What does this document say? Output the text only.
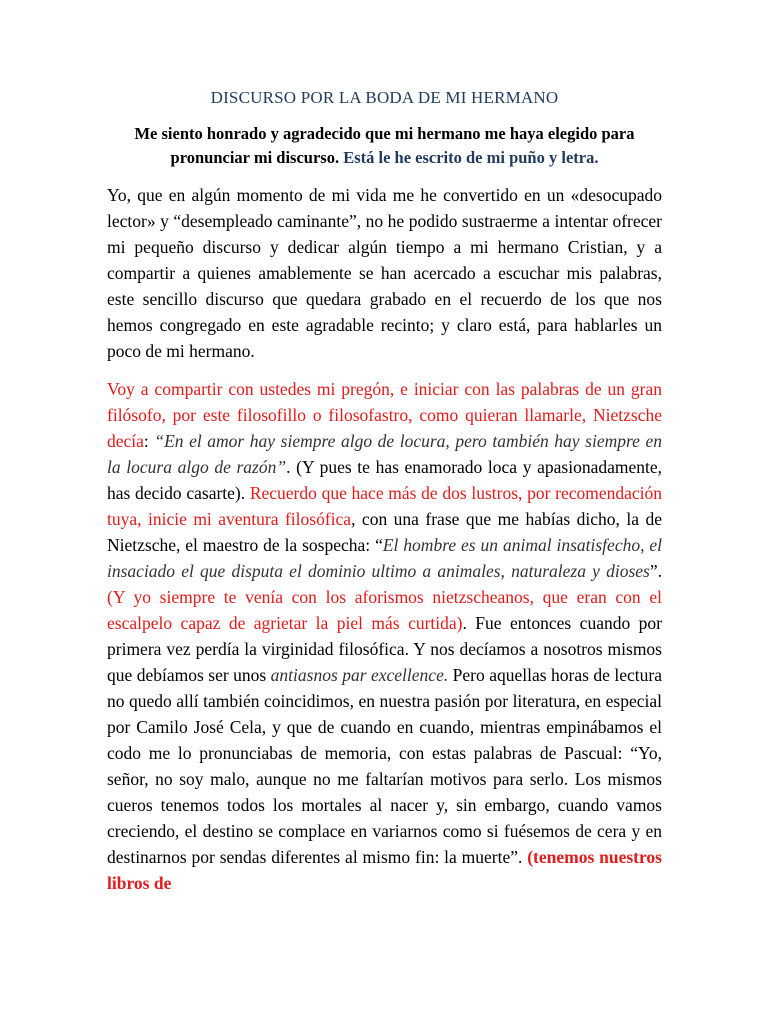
DISCURSO POR LA BODA DE MI HERMANO
Me siento honrado y agradecido que mi hermano me haya elegido para pronunciar mi discurso. Está le he escrito de mi puño y letra.

Yo, que en algún momento de mi vida me he convertido en un «desocupado lector» y “desempleado caminante”, no he podido sustraerme a intentar ofrecer mi pequeño discurso y dedicar algún tiempo a mi hermano Cristian, y a compartir a quienes amablemente se han acercado a escuchar mis palabras, este sencillo discurso que quedara grabado en el recuerdo de los que nos hemos congregado en este agradable recinto; y claro está, para hablarles un poco de mi hermano.

Voy a compartir con ustedes mi pregón, e iniciar con las palabras de un gran filósofo, por este filosofillo o filosofastro, como quieran llamarle, Nietzsche decía: “En el amor hay siempre algo de locura, pero también hay siempre en la locura algo de razón”. (Y pues te has enamorado loca y apasionadamente, has decido casarte). Recuerdo que hace más de dos lustros, por recomendación tuya, inicie mi aventura filosófica, con una frase que me habías dicho, la de Nietzsche, el maestro de la sospecha: “El hombre es un animal insatisfecho, el insaciado el que disputa el dominio ultimo a animales, naturaleza y dioses”. (Y yo siempre te venía con los aforismos nietzscheanos, que eran con el escalpelo capaz de agrietar la piel más curtida). Fue entonces cuando por primera vez perdía la virginidad filosófica. Y nos decíamos a nosotros mismos que debíamos ser unos antiasnos par excellence. Pero aquellas horas de lectura no quedo allí también coincidimos, en nuestra pasión por literatura, en especial por Camilo José Cela, y que de cuando en cuando, mientras empinábamos el codo me lo pronunciabas de memoria, con estas palabras de Pascual: “Yo, señor, no soy malo, aunque no me faltarían motivos para serlo. Los mismos cueros tenemos todos los mortales al nacer y, sin embargo, cuando vamos creciendo, el destino se complace en variarnos como si fuésemos de cera y en destinarnos por sendas diferentes al mismo fin: la muerte”. (tenemos nuestros libros de
